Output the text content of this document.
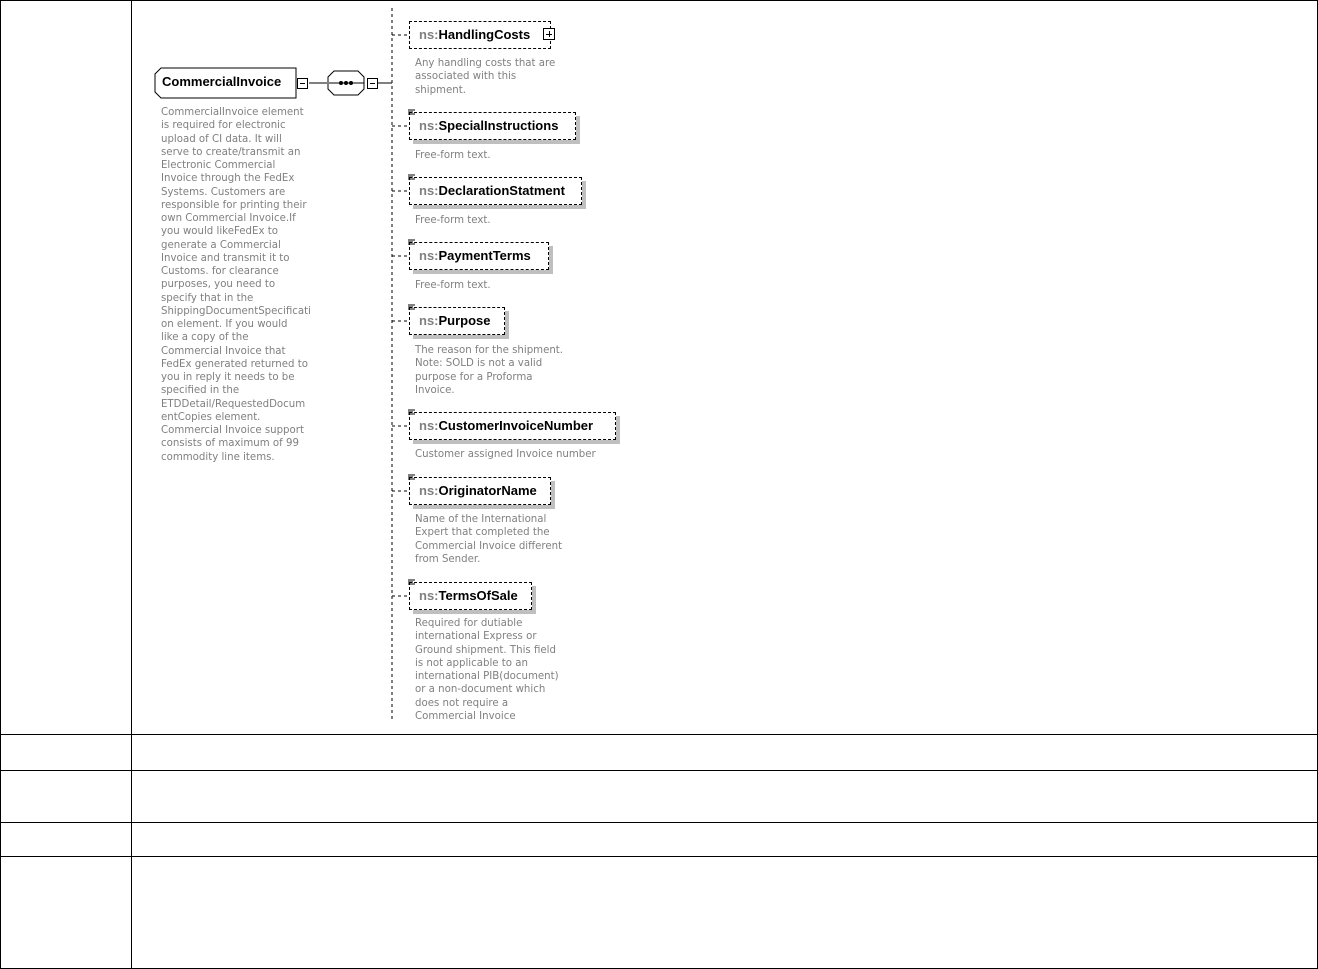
CommercialInvoice
CommercialInvoice element
is required for electronic
upload of CI data. It will
serve to create/transmit an
Electronic Commercial
Invoice through the FedEx
Systems. Customers are
responsible for printing their
own Commercial Invoice.If
you would likeFedEx to
generate a Commercial
Invoice and transmit it to
Customs. for clearance
purposes, you need to
specify that in the
ShippingDocumentSpecificati
on element. If you would
like a copy of the
Commercial Invoice that
FedEx generated returned to
you in reply it needs to be
specified in the
ETDDetail/RequestedDocum
entCopies element.
Commercial Invoice support
consists of maximum of 99
commodity line items.
ns:HandlingCosts
Any handling costs that are
associated with this
shipment.
ns:SpecialInstructions
Free-form text.
ns:DeclarationStatment
Free-form text.
ns:PaymentTerms
Free-form text.
ns:Purpose
The reason for the shipment.
Note: SOLD is not a valid
purpose for a Proforma
Invoice.
ns:CustomerInvoiceNumber
Customer assigned Invoice number
ns:OriginatorName
Name of the International
Expert that completed the
Commercial Invoice different
from Sender.
ns:TermsOfSale
Required for dutiable
international Express or
Ground shipment. This field
is not applicable to an
international PIB(document)
or a non-document which
does not require a
Commercial Invoice
